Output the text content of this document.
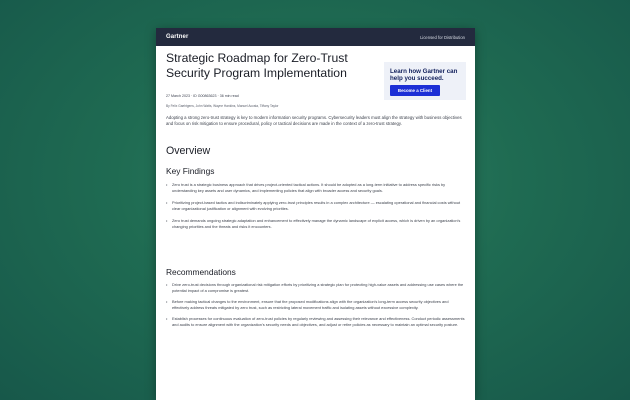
Gartner	Licensed for Distribution
Strategic Roadmap for Zero-Trust Security Program Implementation
27 March 2023 · ID G00863623 · 36 min read
By Felix Gaehtgens, John Watts, Wayne Hankins, Manuel Acosta, Tiffany Taylor
Learn how Gartner can help you succeed.
Become a Client
Adopting a strong zero-trust strategy is key to modern information security programs. Cybersecurity leaders must align the strategy with business objectives and focus on risk mitigation to ensure procedural, policy or tactical decisions are made in the context of a zero-trust strategy.
Overview
Key Findings
• Zero trust is a strategic business approach that drives project-oriented tactical actions. It should be adopted as a long-term initiative to address specific risks by understanding key assets and user dynamics, and implementing policies that align with broader access and security goals.
• Prioritizing project-based tactics and indiscriminately applying zero-trust principles results in a complex architecture — escalating operational and financial costs without clear organizational justification or alignment with evolving priorities.
• Zero trust demands ongoing strategic adaptation and enhancement to effectively manage the dynamic landscape of explicit access, which is driven by an organization's changing priorities and the threats and risks it encounters.
Recommendations
• Drive zero-trust decisions through organizational risk mitigation efforts by prioritizing a strategic plan for protecting high-value assets and addressing use cases where the potential impact of a compromise is greatest.
• Before making tactical changes to the environment, ensure that the proposed modifications align with the organization's long-term access security objectives and effectively address threats mitigated by zero trust, such as restricting lateral movement traffic and isolating assets without excessive complexity.
• Establish processes for continuous evaluation of zero-trust policies by regularly reviewing and assessing their relevance and effectiveness. Conduct periodic assessments and audits to ensure alignment with the organization's security needs and objectives, and adjust or retire policies as necessary to maintain an optimal security posture.
